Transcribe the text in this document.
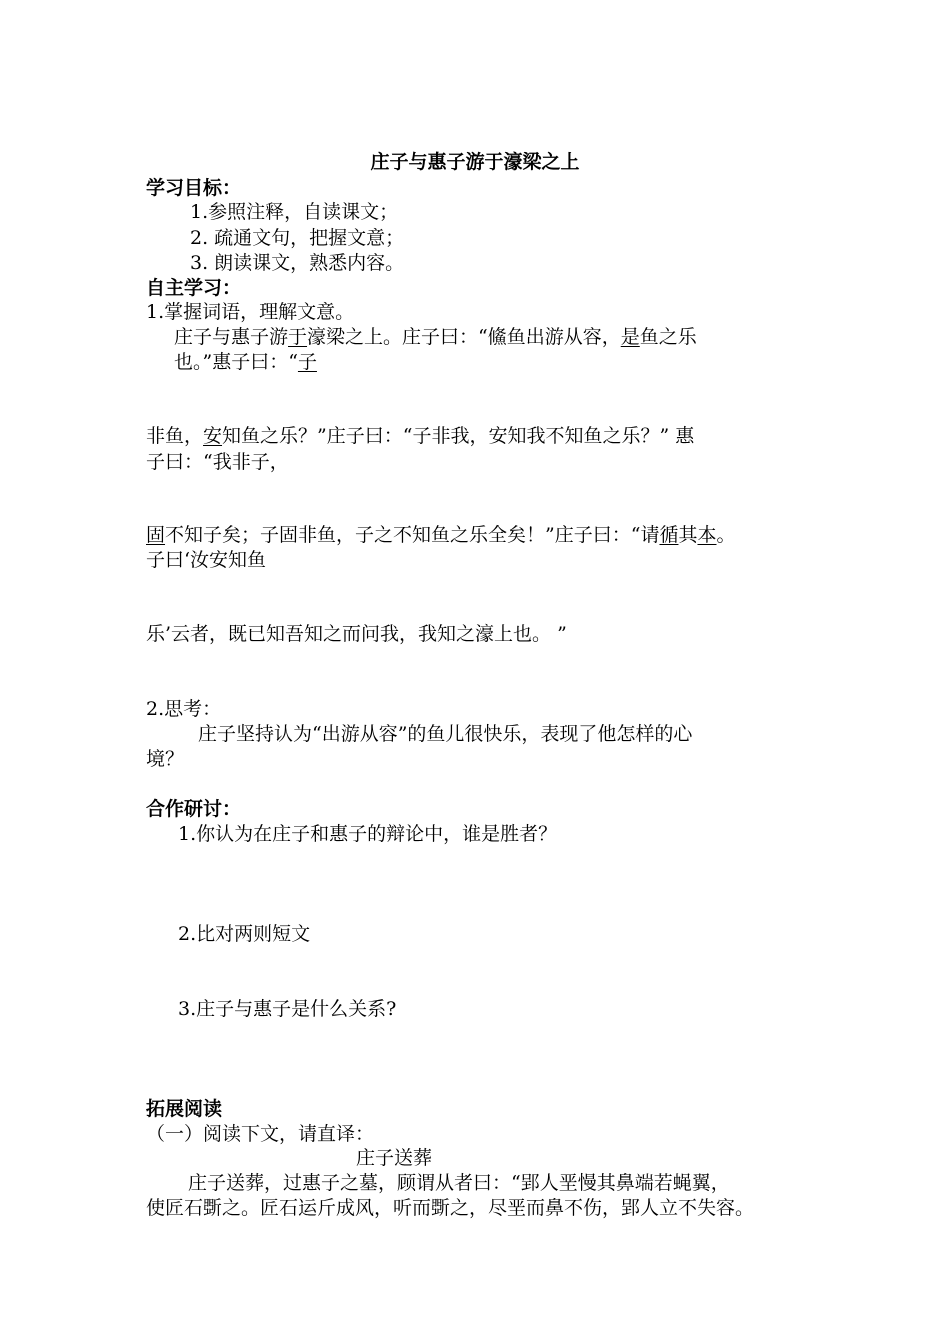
庄子与惠子游于濠梁之上
学习目标：
1.参照注释，自读课文；
2. 疏通文句，把握文意；
3. 朗读课文，熟悉内容。
自主学习：
1.掌握词语，理解文意。
庄子与惠子游于濠梁之上。庄子曰：“鯈鱼出游从容，是鱼之乐
也。”惠子曰：“子
非鱼，安知鱼之乐？”庄子曰：“子非我，安知我不知鱼之乐？” 惠
子曰：“我非子，
固不知子矣；子固非鱼，子之不知鱼之乐全矣！”庄子曰：“请循其本。
子曰‘汝安知鱼
乐’云者，既已知吾知之而问我，我知之濠上也。 ”
2.思考：
庄子坚持认为“出游从容”的鱼儿很快乐，表现了他怎样的心
境？
合作研讨：
1.你认为在庄子和惠子的辩论中，谁是胜者？
2.比对两则短文
3.庄子与惠子是什么关系?
拓展阅读
（一）阅读下文，请直译：
庄子送葬
庄子送葬，过惠子之墓，顾谓从者曰：“郢人垩慢其鼻端若蝇翼，
使匠石斲之。匠石运斤成风，听而斲之，尽垩而鼻不伤，郢人立不失容。
